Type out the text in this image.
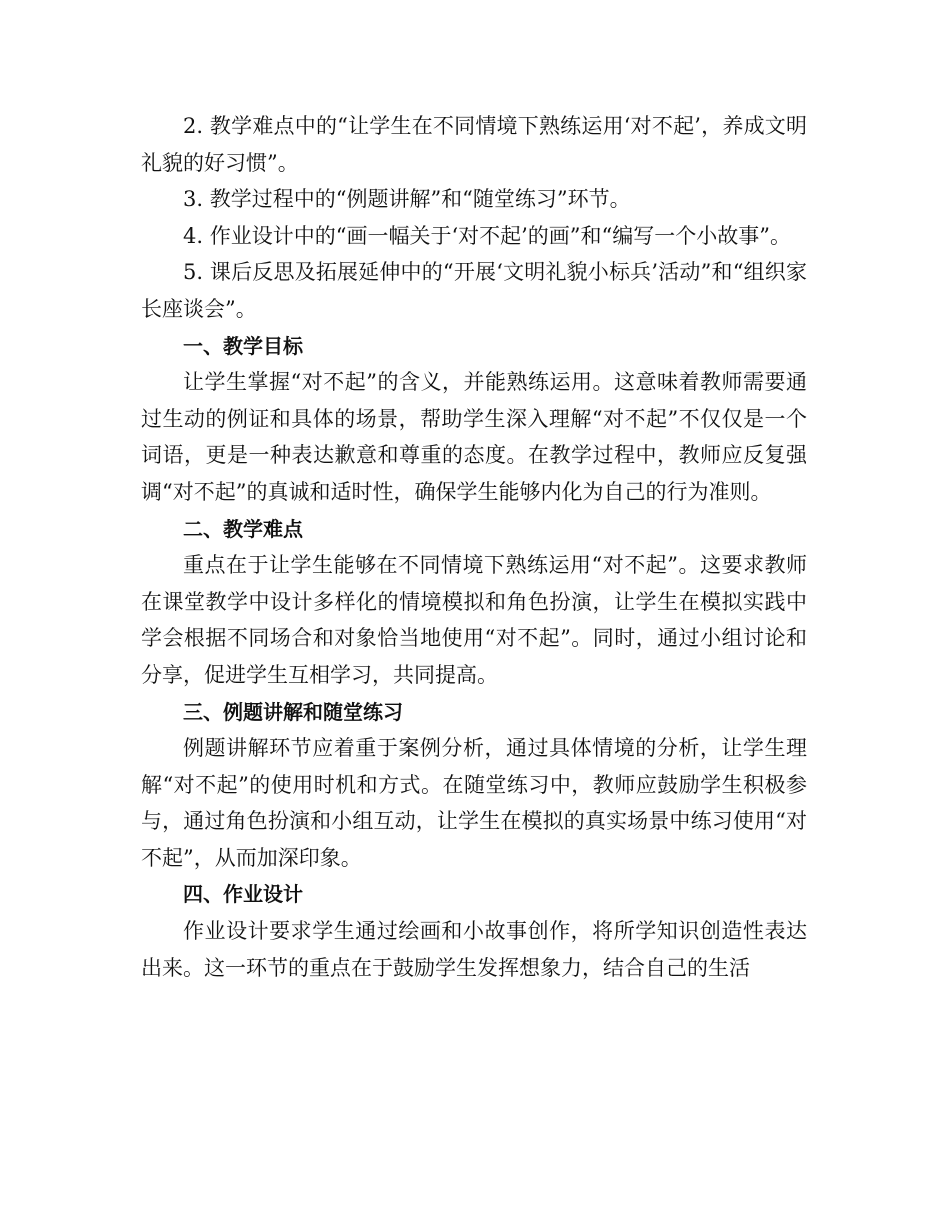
2. 教学难点中的“让学生在不同情境下熟练运用‘对不起’，养成文明礼貌的好习惯”。

3. 教学过程中的“例题讲解”和“随堂练习”环节。

4. 作业设计中的“画一幅关于‘对不起’的画”和“编写一个小故事”。

5. 课后反思及拓展延伸中的“开展‘文明礼貌小标兵’活动”和“组织家长座谈会”。

一、教学目标

让学生掌握“对不起”的含义，并能熟练运用。这意味着教师需要通过生动的例证和具体的场景，帮助学生深入理解“对不起”不仅仅是一个词语，更是一种表达歉意和尊重的态度。在教学过程中，教师应反复强调“对不起”的真诚和适时性，确保学生能够内化为自己的行为准则。

二、教学难点

重点在于让学生能够在不同情境下熟练运用“对不起”。这要求教师在课堂教学中设计多样化的情境模拟和角色扮演，让学生在模拟实践中学会根据不同场合和对象恰当地使用“对不起”。同时，通过小组讨论和分享，促进学生互相学习，共同提高。

三、例题讲解和随堂练习

例题讲解环节应着重于案例分析，通过具体情境的分析，让学生理解“对不起”的使用时机和方式。在随堂练习中，教师应鼓励学生积极参与，通过角色扮演和小组互动，让学生在模拟的真实场景中练习使用“对不起”，从而加深印象。

四、作业设计

作业设计要求学生通过绘画和小故事创作，将所学知识创造性表达出来。这一环节的重点在于鼓励学生发挥想象力，结合自己的生活
